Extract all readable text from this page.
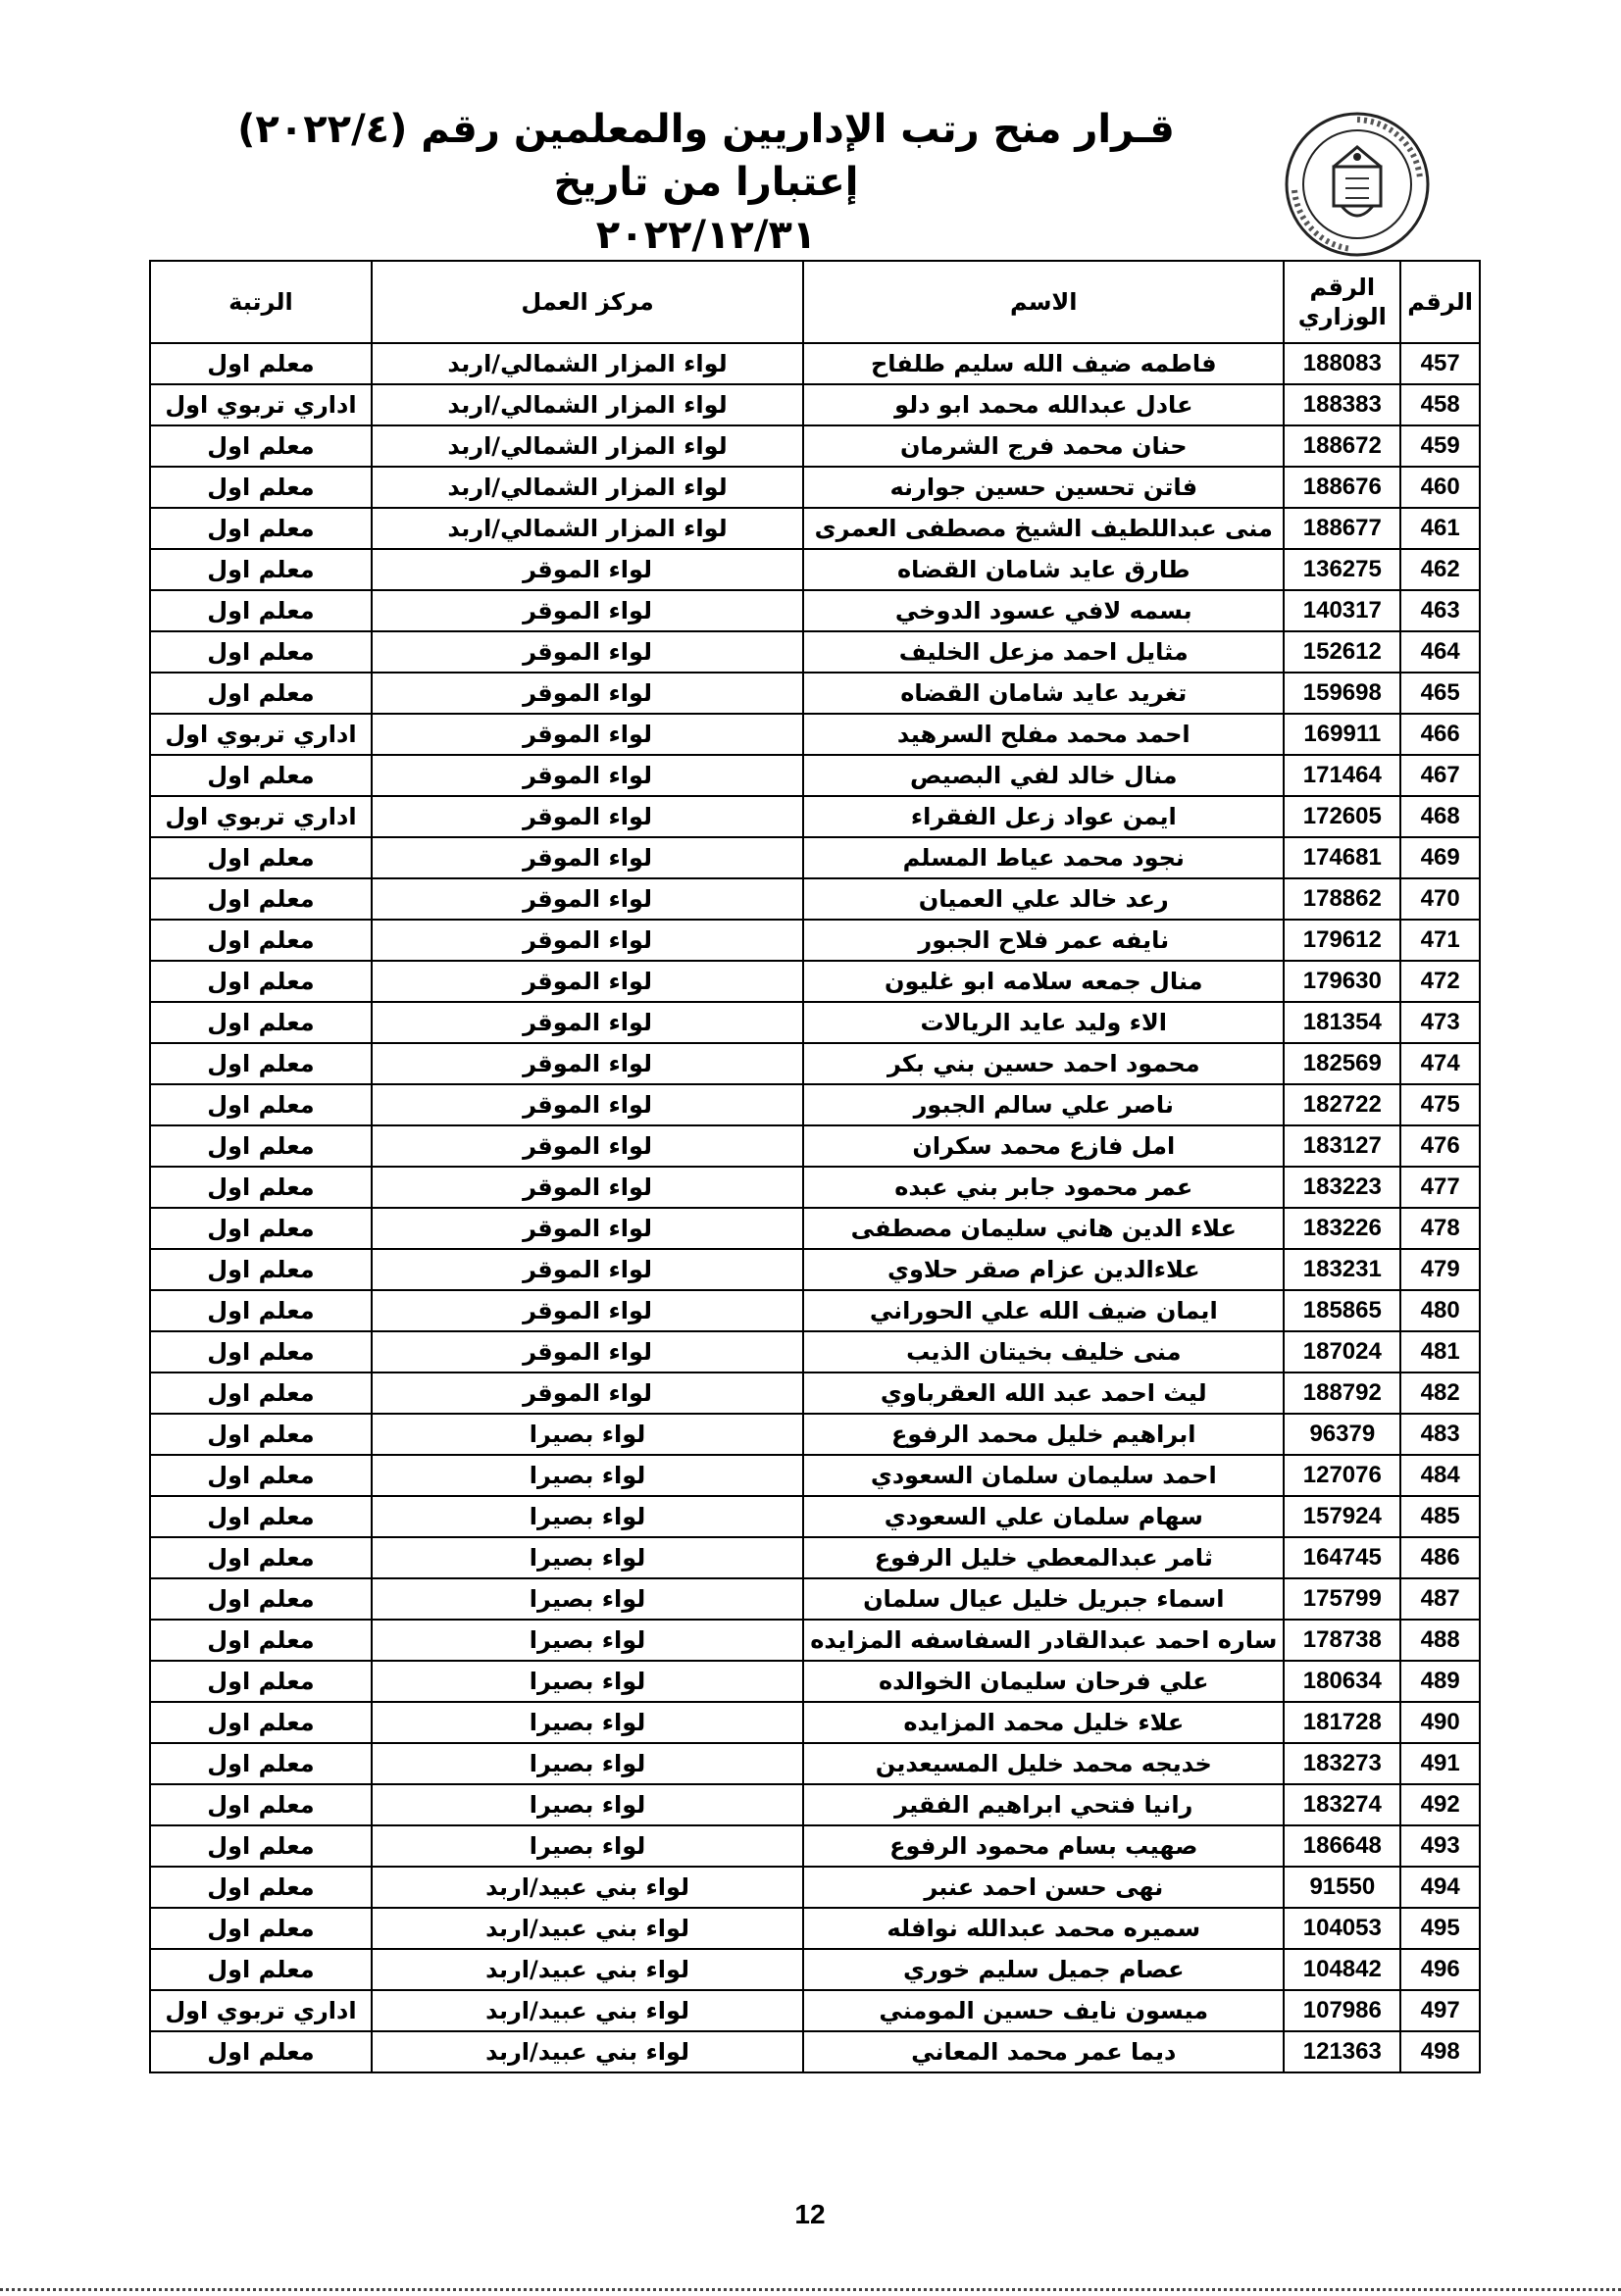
قـرار منح رتب الإداريين والمعلمين رقم (٢٠٢٢/٤) إعتبارا من تاريخ
٢٠٢٢/١٢/٣١
الرقم	الرقم الوزاري	الاسم	مركز العمل	الرتبة
457	188083	فاطمه ضيف الله سليم طلفاح	لواء المزار الشمالي/اربد	معلم اول
458	188383	عادل عبدالله محمد ابو دلو	لواء المزار الشمالي/اربد	اداري تربوي اول
459	188672	حنان محمد فرج الشرمان	لواء المزار الشمالي/اربد	معلم اول
460	188676	فاتن تحسين حسين جوارنه	لواء المزار الشمالي/اربد	معلم اول
461	188677	منى عبداللطيف الشيخ مصطفى العمرى	لواء المزار الشمالي/اربد	معلم اول
462	136275	طارق عايد شامان القضاه	لواء الموقر	معلم اول
463	140317	بسمه لافي عسود الدوخي	لواء الموقر	معلم اول
464	152612	مثايل احمد مزعل الخليف	لواء الموقر	معلم اول
465	159698	تغريد عايد شامان القضاه	لواء الموقر	معلم اول
466	169911	احمد محمد مفلح السرهيد	لواء الموقر	اداري تربوي اول
467	171464	منال خالد لفي البصيص	لواء الموقر	معلم اول
468	172605	ايمن عواد زعل الفقراء	لواء الموقر	اداري تربوي اول
469	174681	نجود محمد عياط المسلم	لواء الموقر	معلم اول
470	178862	رعد خالد علي العميان	لواء الموقر	معلم اول
471	179612	نايفه عمر فلاح الجبور	لواء الموقر	معلم اول
472	179630	منال جمعه سلامه ابو غليون	لواء الموقر	معلم اول
473	181354	الاء وليد عايد الريالات	لواء الموقر	معلم اول
474	182569	محمود احمد حسين بني بكر	لواء الموقر	معلم اول
475	182722	ناصر علي سالم الجبور	لواء الموقر	معلم اول
476	183127	امل فازع محمد سكران	لواء الموقر	معلم اول
477	183223	عمر محمود جابر بني عبده	لواء الموقر	معلم اول
478	183226	علاء الدين هاني سليمان مصطفى	لواء الموقر	معلم اول
479	183231	علاءالدين عزام صقر حلاوي	لواء الموقر	معلم اول
480	185865	ايمان ضيف الله علي الحوراني	لواء الموقر	معلم اول
481	187024	منى خليف بخيتان الذيب	لواء الموقر	معلم اول
482	188792	ليث احمد عبد الله العقرباوي	لواء الموقر	معلم اول
483	96379	ابراهيم خليل محمد الرفوع	لواء بصيرا	معلم اول
484	127076	احمد سليمان سلمان السعودي	لواء بصيرا	معلم اول
485	157924	سهام سلمان علي السعودي	لواء بصيرا	معلم اول
486	164745	ثامر عبدالمعطي خليل الرفوع	لواء بصيرا	معلم اول
487	175799	اسماء جبريل خليل عيال سلمان	لواء بصيرا	معلم اول
488	178738	ساره احمد عبدالقادر السفاسفه المزايده	لواء بصيرا	معلم اول
489	180634	علي فرحان سليمان الخوالده	لواء بصيرا	معلم اول
490	181728	علاء خليل محمد المزايده	لواء بصيرا	معلم اول
491	183273	خديجه محمد خليل المسيعدين	لواء بصيرا	معلم اول
492	183274	رانيا فتحي ابراهيم الفقير	لواء بصيرا	معلم اول
493	186648	صهيب بسام محمود الرفوع	لواء بصيرا	معلم اول
494	91550	نهى حسن احمد عنبر	لواء بني عبيد/اربد	معلم اول
495	104053	سميره محمد عبدالله نوافله	لواء بني عبيد/اربد	معلم اول
496	104842	عصام جميل سليم خوري	لواء بني عبيد/اربد	معلم اول
497	107986	ميسون نايف حسين المومني	لواء بني عبيد/اربد	اداري تربوي اول
498	121363	ديما عمر محمد المعاني	لواء بني عبيد/اربد	معلم اول
12
